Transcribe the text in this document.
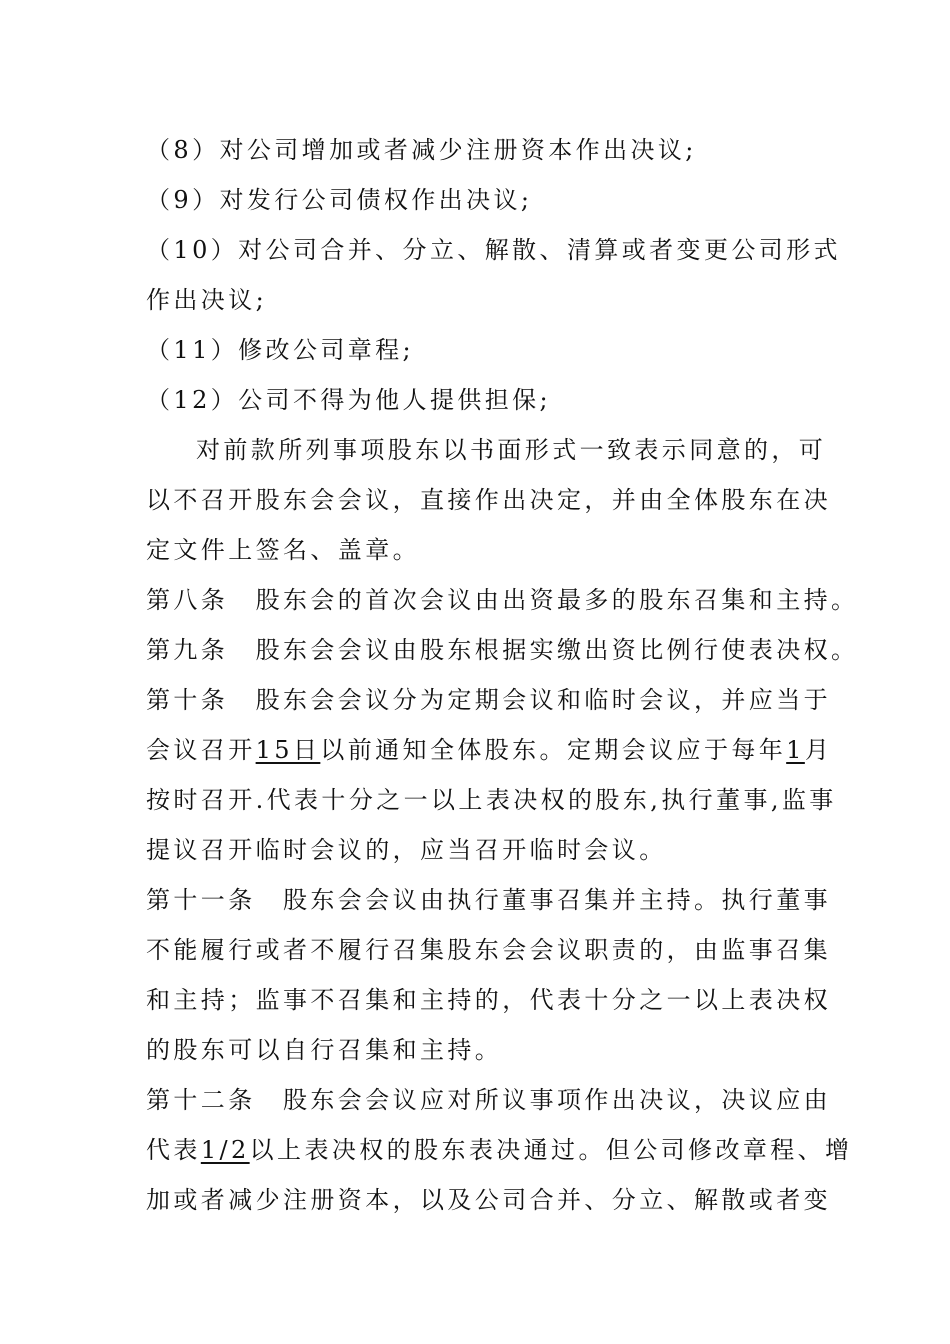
（8）对公司增加或者减少注册资本作出决议;
（9）对发行公司债权作出决议;
（10）对公司合并、分立、解散、清算或者变更公司形式
作出决议;
（11）修改公司章程;
（12）公司不得为他人提供担保;
对前款所列事项股东以书面形式一致表示同意的，可
以不召开股东会会议，直接作出决定，并由全体股东在决
定文件上签名、盖章。
第八条　股东会的首次会议由出资最多的股东召集和主持。
第九条　股东会会议由股东根据实缴出资比例行使表决权。
第十条　股东会会议分为定期会议和临时会议，并应当于
会议召开15日以前通知全体股东。定期会议应于每年1月
按时召开.代表十分之一以上表决权的股东,执行董事,监事
提议召开临时会议的，应当召开临时会议。
第十一条　股东会会议由执行董事召集并主持。执行董事
不能履行或者不履行召集股东会会议职责的，由监事召集
和主持；监事不召集和主持的，代表十分之一以上表决权
的股东可以自行召集和主持。
第十二条　股东会会议应对所议事项作出决议，决议应由
代表1/2以上表决权的股东表决通过。但公司修改章程、增
加或者减少注册资本，以及公司合并、分立、解散或者变
